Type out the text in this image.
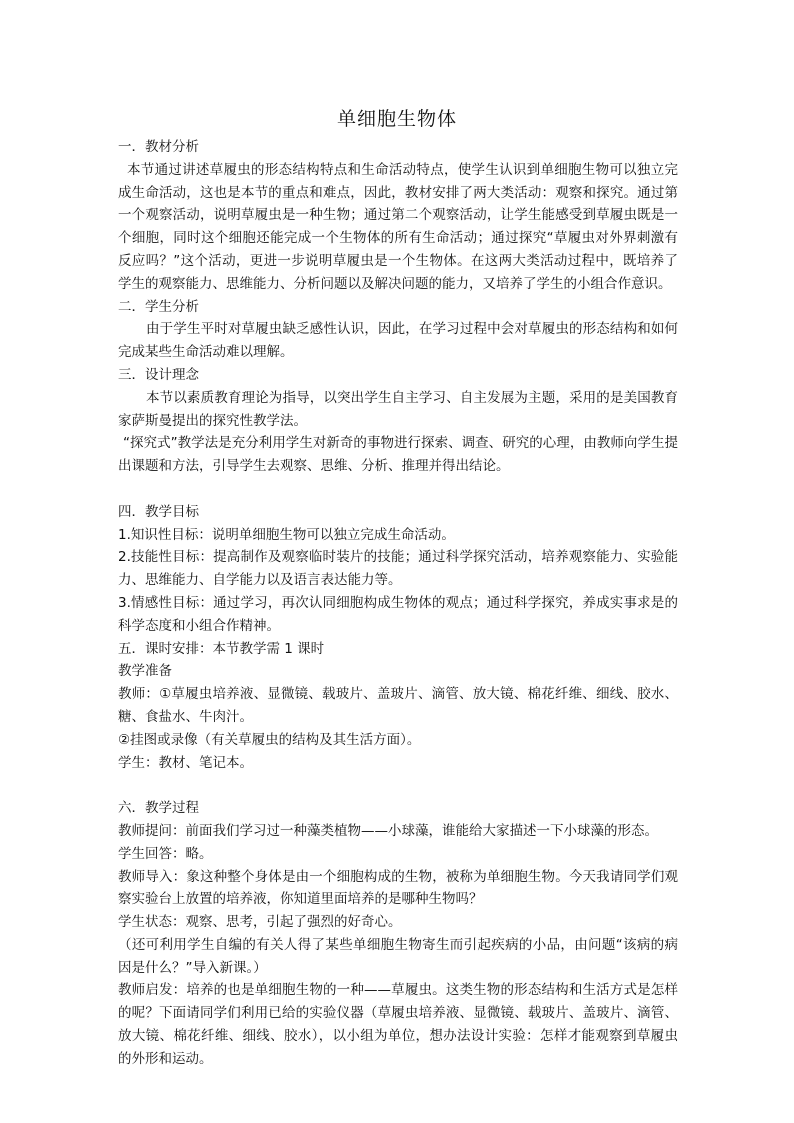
单细胞生物体

一．教材分析

本节通过讲述草履虫的形态结构特点和生命活动特点，使学生认识到单细胞生物可以独立完成生命活动，这也是本节的重点和难点，因此，教材安排了两大类活动：观察和探究。通过第一个观察活动，说明草履虫是一种生物；通过第二个观察活动，让学生能感受到草履虫既是一个细胞，同时这个细胞还能完成一个生物体的所有生命活动；通过探究“草履虫对外界刺激有反应吗？”这个活动，更进一步说明草履虫是一个生物体。在这两大类活动过程中，既培养了学生的观察能力、思维能力、分析问题以及解决问题的能力，又培养了学生的小组合作意识。

二．学生分析

由于学生平时对草履虫缺乏感性认识，因此，在学习过程中会对草履虫的形态结构和如何完成某些生命活动难以理解。

三．设计理念

本节以素质教育理论为指导，以突出学生自主学习、自主发展为主题，采用的是美国教育家萨斯曼提出的探究性教学法。

“探究式”教学法是充分利用学生对新奇的事物进行探索、调查、研究的心理，由教师向学生提出课题和方法，引导学生去观察、思维、分析、推理并得出结论。

四．教学目标

1.知识性目标：说明单细胞生物可以独立完成生命活动。

2.技能性目标：提高制作及观察临时装片的技能；通过科学探究活动，培养观察能力、实验能力、思维能力、自学能力以及语言表达能力等。

3.情感性目标：通过学习，再次认同细胞构成生物体的观点；通过科学探究，养成实事求是的科学态度和小组合作精神。

五．课时安排：本节教学需 1 课时

教学准备

教师：①草履虫培养液、显微镜、载玻片、盖玻片、滴管、放大镜、棉花纤维、细线、胶水、糖、食盐水、牛肉汁。

②挂图或录像（有关草履虫的结构及其生活方面）。

学生：教材、笔记本。

六．教学过程

教师提问：前面我们学习过一种藻类植物——小球藻，谁能给大家描述一下小球藻的形态。

学生回答：略。

教师导入：象这种整个身体是由一个细胞构成的生物，被称为单细胞生物。今天我请同学们观察实验台上放置的培养液，你知道里面培养的是哪种生物吗？

学生状态：观察、思考，引起了强烈的好奇心。

（还可利用学生自编的有关人得了某些单细胞生物寄生而引起疾病的小品，由问题“该病的病因是什么？”导入新课。）

教师启发：培养的也是单细胞生物的一种——草履虫。这类生物的形态结构和生活方式是怎样的呢？下面请同学们利用已给的实验仪器（草履虫培养液、显微镜、载玻片、盖玻片、滴管、放大镜、棉花纤维、细线、胶水），以小组为单位，想办法设计实验：怎样才能观察到草履虫的外形和运动。
